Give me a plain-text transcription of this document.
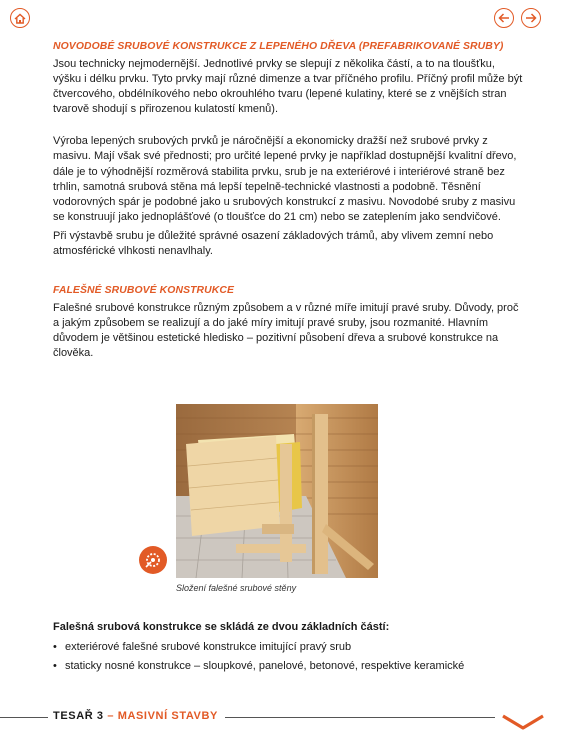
NOVODOBÉ SRUBOVÉ KONSTRUKCE Z LEPENÉHO DŘEVA (PREFABRIKOVANÉ SRUBY)

Jsou technicky nejmodernější. Jednotlivé prvky se slepují z několika částí, a to na tloušťku, výšku i délku prvku. Tyto prvky mají různé dimenze a tvar příčného profilu. Příčný profil může být čtvercového, obdélníkového nebo okrouhlého tvaru (lepené kulatiny, které se z vnějších stran tvarově shodují s přirozenou kulatostí kmenů).

Výroba lepených srubových prvků je náročnější a ekonomicky dražší než srubové prvky z masivu. Mají však své přednosti; pro určité lepené prvky je například dostupnější kvalitní dřevo, dále je to výhodnější rozměrová stabilita prvku, srub je na exteriérové i interiérové straně bez trhlin, samotná srubová stěna má lepší tepelně-technické vlastnosti a podobně. Těsnění vodorovných spár je podobné jako u srubových konstrukcí z masivu. Novodobé sruby z masivu se konstruují jako jednoplášťové (o tloušťce do 21 cm) nebo se zateplením jako sendvičové.

Při výstavbě srubu je důležité správné osazení základových trámů, aby vlivem zemní nebo atmosférické vlhkosti nenavlhaly.

FALEŠNÉ SRUBOVÉ KONSTRUKCE

Falešné srubové konstrukce různým způsobem a v různé míře imitují pravé sruby. Důvody, proč a jakým způsobem se realizují a do jaké míry imitují pravé sruby, jsou rozmanité. Hlavním důvodem je většinou estetické hledisko – pozitivní působení dřeva a srubové konstrukce na člověka.

Složení falešné srubové stěny

Falešná srubová konstrukce se skládá ze dvou základních částí:

• exteriérové falešné srubové konstrukce imitující pravý srub
• staticky nosné konstrukce – sloupkové, panelové, betonové, respektive keramické
TESAŘ 3 – MASIVNÍ STAVBY
